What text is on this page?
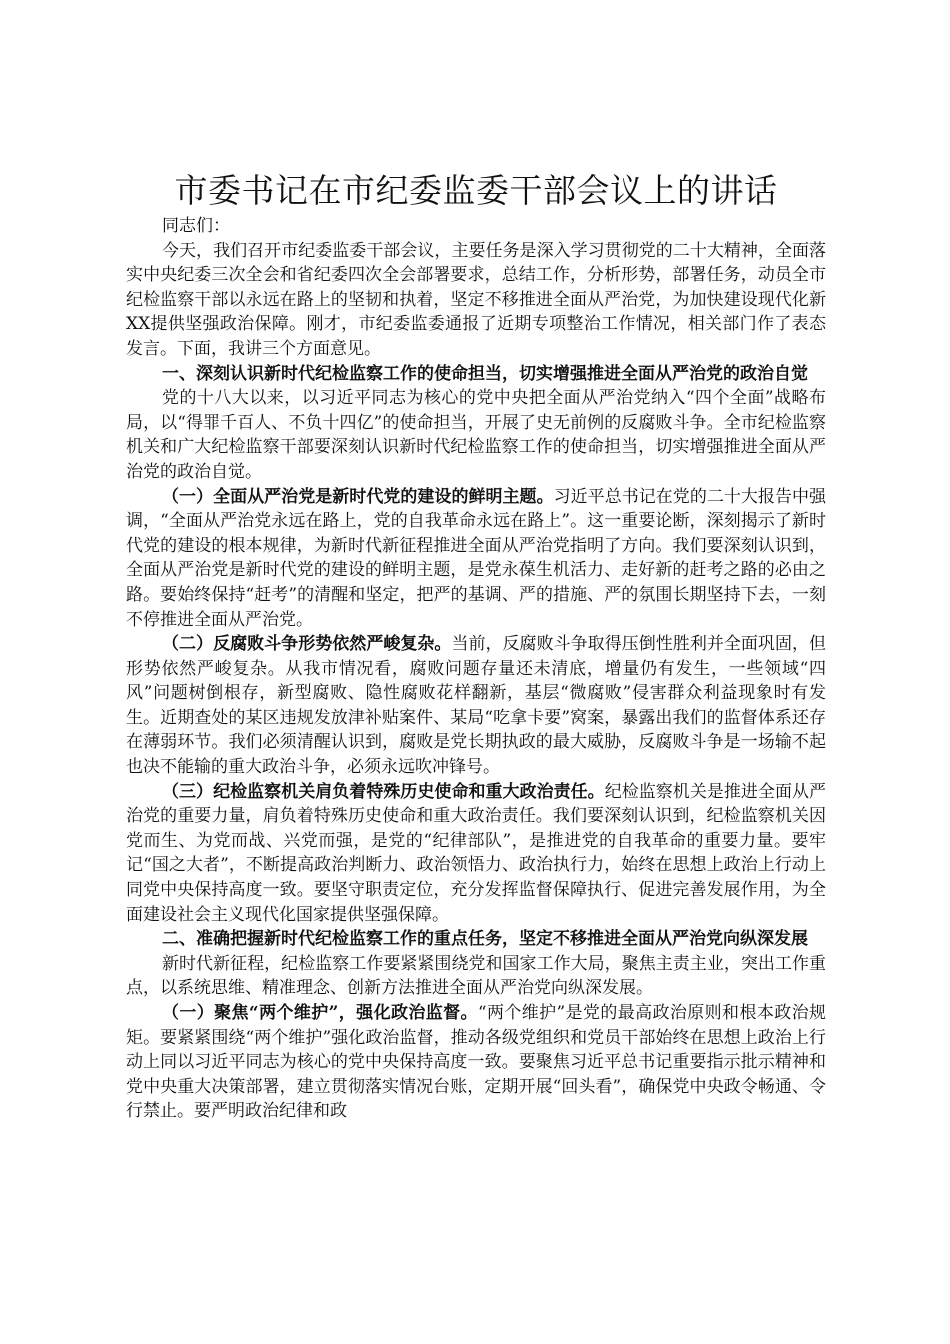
市委书记在市纪委监委干部会议上的讲话
同志们：

今天，我们召开市纪委监委干部会议，主要任务是深入学习贯彻党的二十大精神，全面落实中央纪委三次全会和省纪委四次全会部署要求，总结工作，分析形势，部署任务，动员全市纪检监察干部以永远在路上的坚韧和执着，坚定不移推进全面从严治党，为加快建设现代化新XX提供坚强政治保障。刚才，市纪委监委通报了近期专项整治工作情况，相关部门作了表态发言。下面，我讲三个方面意见。

一、深刻认识新时代纪检监察工作的使命担当，切实增强推进全面从严治党的政治自觉

党的十八大以来，以习近平同志为核心的党中央把全面从严治党纳入“四个全面”战略布局，以“得罪千百人、不负十四亿”的使命担当，开展了史无前例的反腐败斗争。全市纪检监察机关和广大纪检监察干部要深刻认识新时代纪检监察工作的使命担当，切实增强推进全面从严治党的政治自觉。

（一）全面从严治党是新时代党的建设的鲜明主题。习近平总书记在党的二十大报告中强调，“全面从严治党永远在路上，党的自我革命永远在路上”。这一重要论断，深刻揭示了新时代党的建设的根本规律，为新时代新征程推进全面从严治党指明了方向。我们要深刻认识到，全面从严治党是新时代党的建设的鲜明主题，是党永葆生机活力、走好新的赶考之路的必由之路。要始终保持“赶考”的清醒和坚定，把严的基调、严的措施、严的氛围长期坚持下去，一刻不停推进全面从严治党。

（二）反腐败斗争形势依然严峻复杂。当前，反腐败斗争取得压倒性胜利并全面巩固，但形势依然严峻复杂。从我市情况看，腐败问题存量还未清底，增量仍有发生，一些领域“四风”问题树倒根存，新型腐败、隐性腐败花样翻新，基层“微腐败”侵害群众利益现象时有发生。近期查处的某区违规发放津补贴案件、某局“吃拿卡要”窝案，暴露出我们的监督体系还存在薄弱环节。我们必须清醒认识到，腐败是党长期执政的最大威胁，反腐败斗争是一场输不起也决不能输的重大政治斗争，必须永远吹冲锋号。

（三）纪检监察机关肩负着特殊历史使命和重大政治责任。纪检监察机关是推进全面从严治党的重要力量，肩负着特殊历史使命和重大政治责任。我们要深刻认识到，纪检监察机关因党而生、为党而战、兴党而强，是党的“纪律部队”，是推进党的自我革命的重要力量。要牢记“国之大者”，不断提高政治判断力、政治领悟力、政治执行力，始终在思想上政治上行动上同党中央保持高度一致。要坚守职责定位，充分发挥监督保障执行、促进完善发展作用，为全面建设社会主义现代化国家提供坚强保障。

二、准确把握新时代纪检监察工作的重点任务，坚定不移推进全面从严治党向纵深发展

新时代新征程，纪检监察工作要紧紧围绕党和国家工作大局，聚焦主责主业，突出工作重点，以系统思维、精准理念、创新方法推进全面从严治党向纵深发展。

（一）聚焦“两个维护”，强化政治监督。“两个维护”是党的最高政治原则和根本政治规矩。要紧紧围绕“两个维护”强化政治监督，推动各级党组织和党员干部始终在思想上政治上行动上同以习近平同志为核心的党中央保持高度一致。要聚焦习近平总书记重要指示批示精神和党中央重大决策部署，建立贯彻落实情况台账，定期开展“回头看”，确保党中央政令畅通、令行禁止。要严明政治纪律和政
